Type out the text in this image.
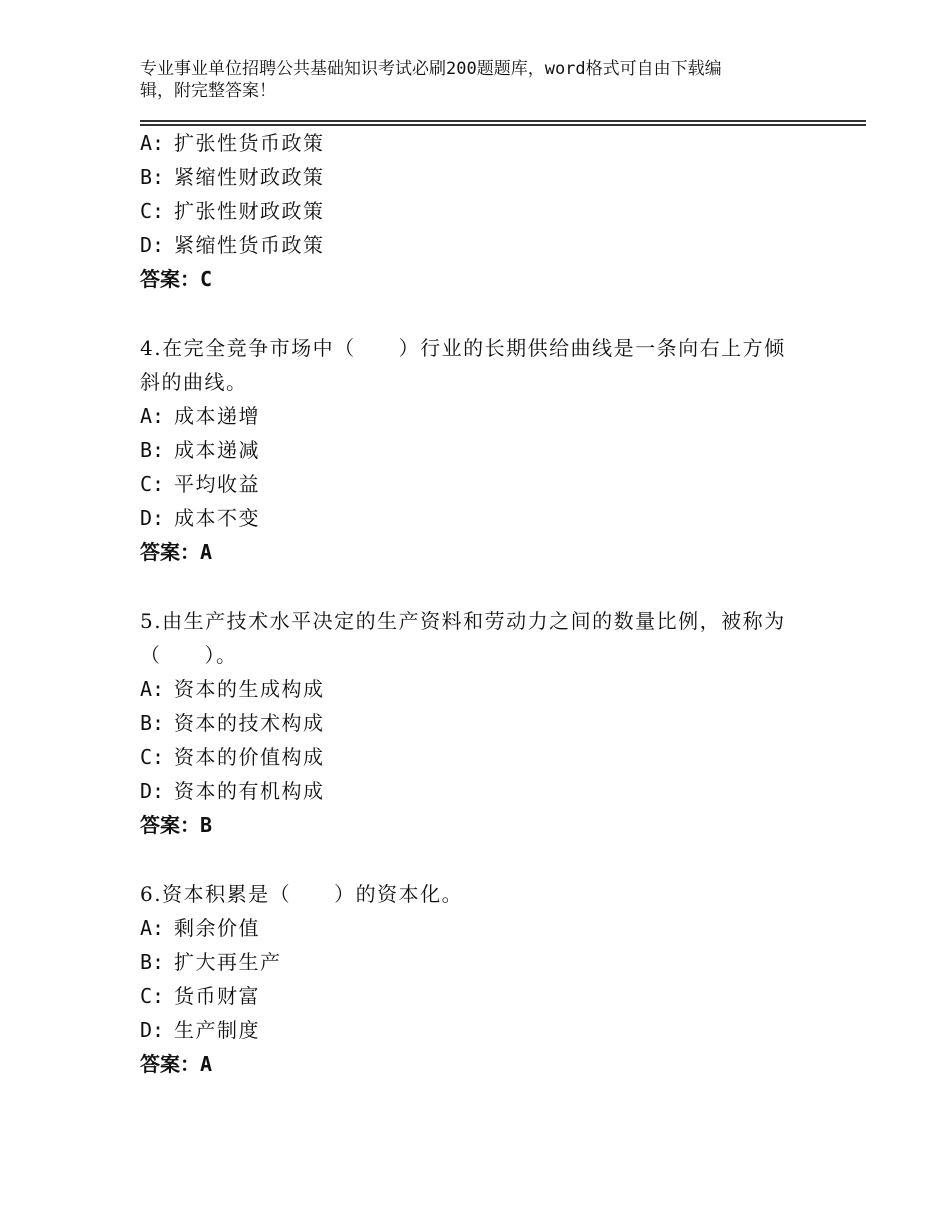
专业事业单位招聘公共基础知识考试必刷200题题库，word格式可自由下载编
辑，附完整答案！
A: 扩张性货币政策
B: 紧缩性财政政策
C: 扩张性财政政策
D: 紧缩性货币政策
答案：C
4.在完全竞争市场中（　　）行业的长期供给曲线是一条向右上方倾
斜的曲线。
A: 成本递增
B: 成本递减
C: 平均收益
D: 成本不变
答案：A
5.由生产技术水平决定的生产资料和劳动力之间的数量比例，被称为
（　　）。
A: 资本的生成构成
B: 资本的技术构成
C: 资本的价值构成
D: 资本的有机构成
答案：B
6.资本积累是（　　）的资本化。
A: 剩余价值
B: 扩大再生产
C: 货币财富
D: 生产制度
答案：A
